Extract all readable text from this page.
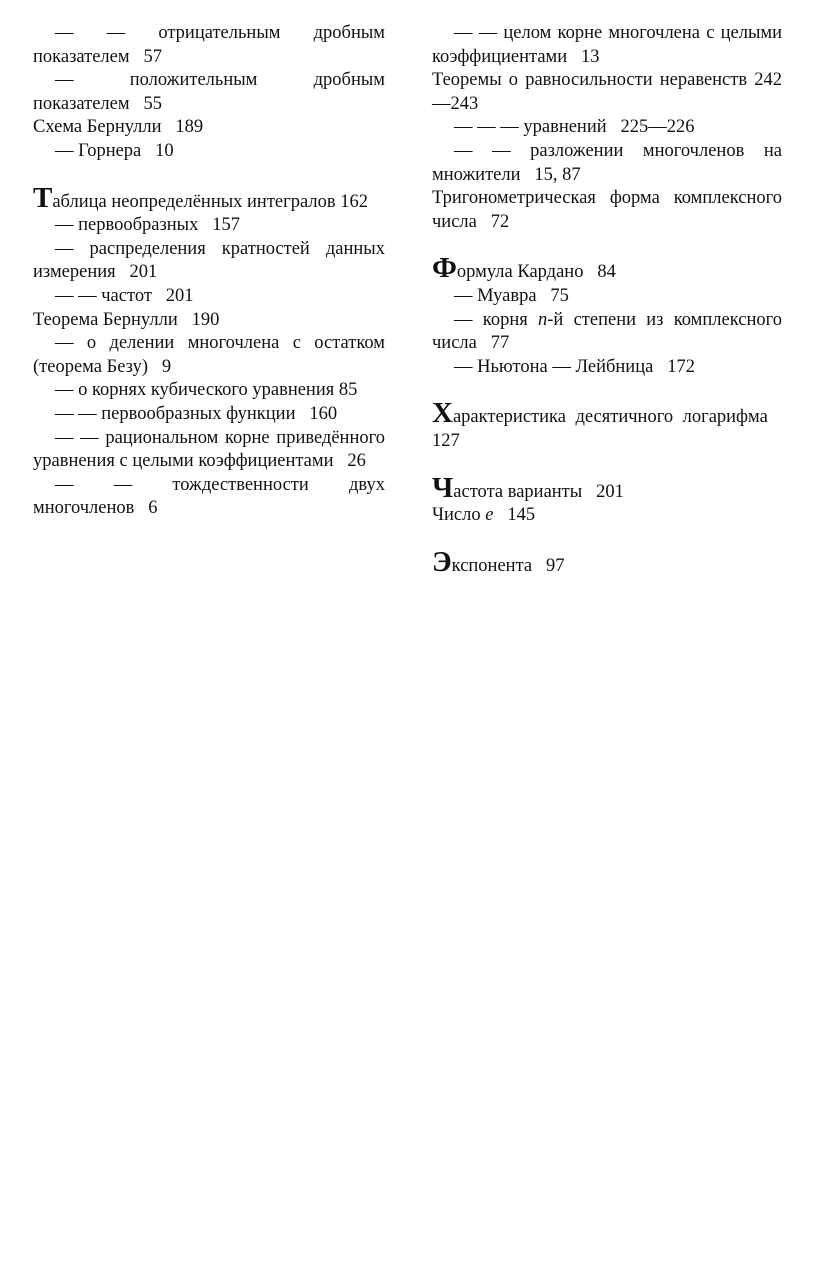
— — отрицательным дробным показателем 57

— положительным дробным показателем 55

Схема Бернулли 189

— Горнера 10

Таблица неопределённых интегралов 162

— первообразных 157

— распределения кратностей данных измерения 201

— — частот 201

Теорема Бернулли 190

— о делении многочлена с остатком (теорема Безу) 9

— о корнях кубического уравнения 85

— — первообразных функции 160

— — рациональном корне приведённого уравнения с целыми коэффициентами 26

— — тождественности двух многочленов 6

— — целом корне многочлена с целыми коэффициентами 13

Теоремы о равносильности неравенств 242—243

— — — уравнений 225—226

— — разложении многочленов на множители 15, 87

Тригонометрическая форма комплексного числа 72

Формула Кардано 84

— Муавра 75

— корня n-й степени из комплексного числа 77

— Ньютона — Лейбница 172

Характеристика десятичного логарифма   127

Частота варианты 201

Число e 145

Экспонента 97
